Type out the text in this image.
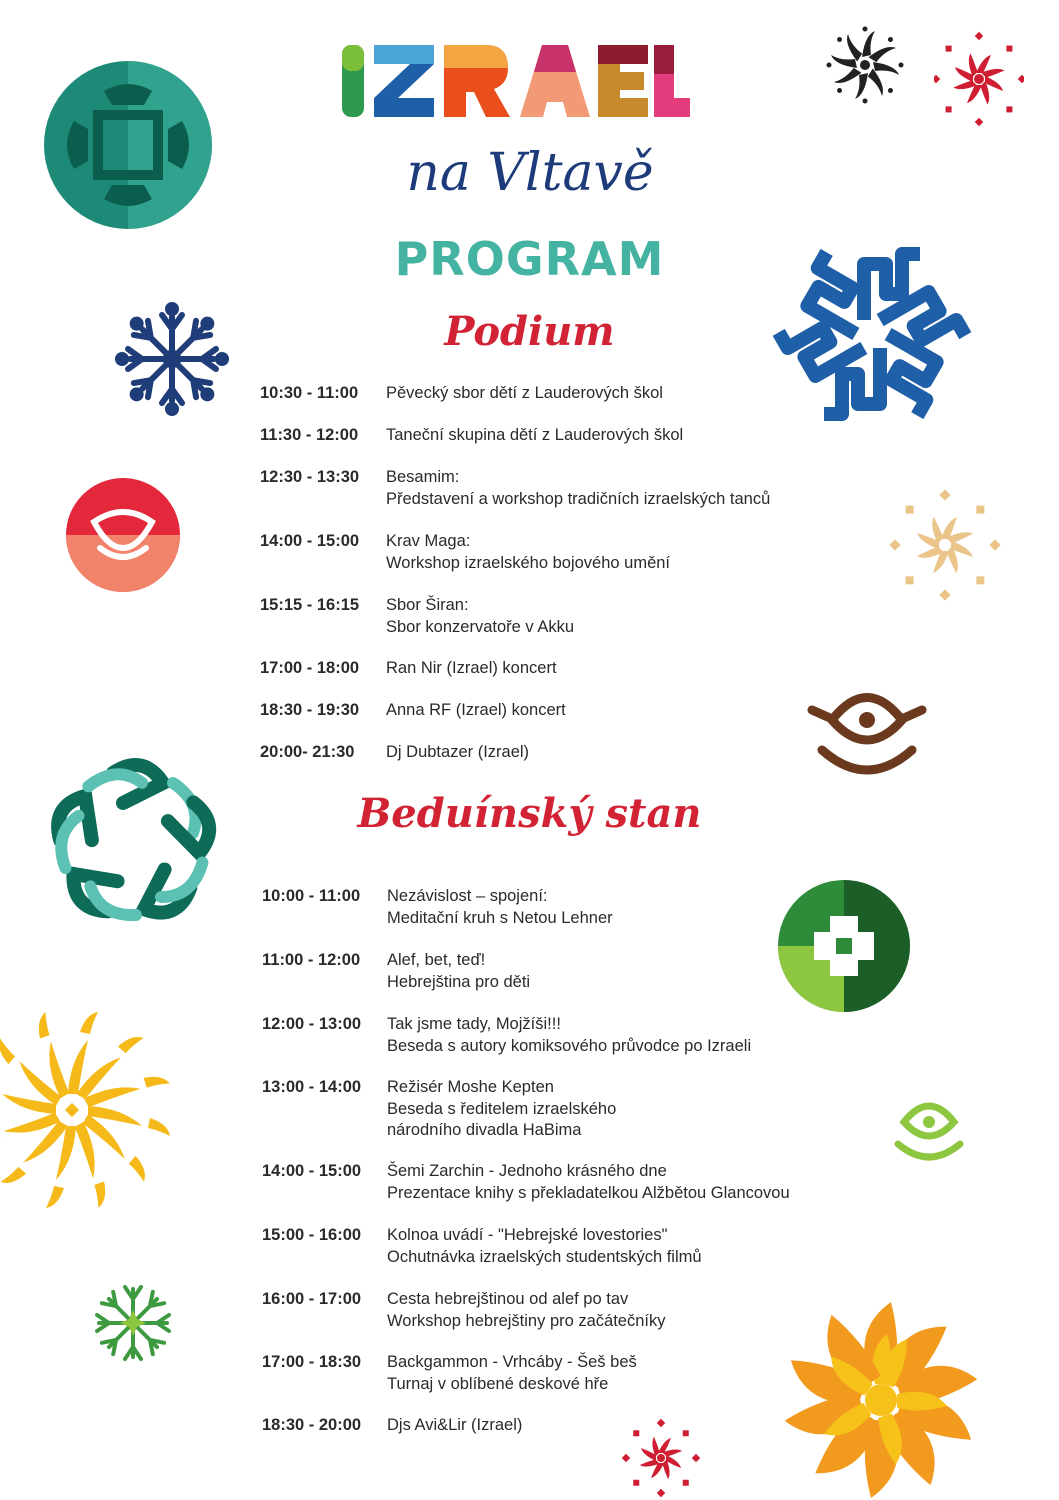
na Vltavě
PROGRAM
Podium
10:30 - 11:00 Pěvecký sbor dětí z Lauderových škol
11:30 - 12:00 Taneční skupina dětí z Lauderových škol
12:30 - 13:30 Besamim:
Představení a workshop tradičních izraelských tanců
14:00 - 15:00 Krav Maga:
Workshop izraelského bojového umění
15:15 - 16:15 Sbor Širan:
Sbor konzervatoře v Akku
17:00 - 18:00 Ran Nir (Izrael) koncert
18:30 - 19:30 Anna RF (Izrael) koncert
20:00- 21:30 Dj Dubtazer (Izrael)
Beduínský stan
10:00 - 11:00 Nezávislost – spojení:
Meditační kruh s Netou Lehner
11:00 - 12:00 Alef, bet, teď!
Hebrejština pro děti
12:00 - 13:00 Tak jsme tady, Mojžíši!!!
Beseda s autory komiksového průvodce po Izraeli
13:00 - 14:00 Režisér Moshe Kepten
Beseda s ředitelem izraelského
národního divadla HaBima
14:00 - 15:00 Šemi Zarchin - Jednoho krásného dne
Prezentace knihy s překladatelkou Alžbětou Glancovou
15:00 - 16:00 Kolnoa uvádí - "Hebrejské lovestories"
Ochutnávka izraelských studentských filmů
16:00 - 17:00 Cesta hebrejštinou od alef po tav
Workshop hebrejštiny pro začátečníky
17:00 - 18:30 Backgammon - Vrhcáby - Šeš beš
Turnaj v oblíbené deskové hře
18:30 - 20:00 Djs Avi&Lir (Izrael)
